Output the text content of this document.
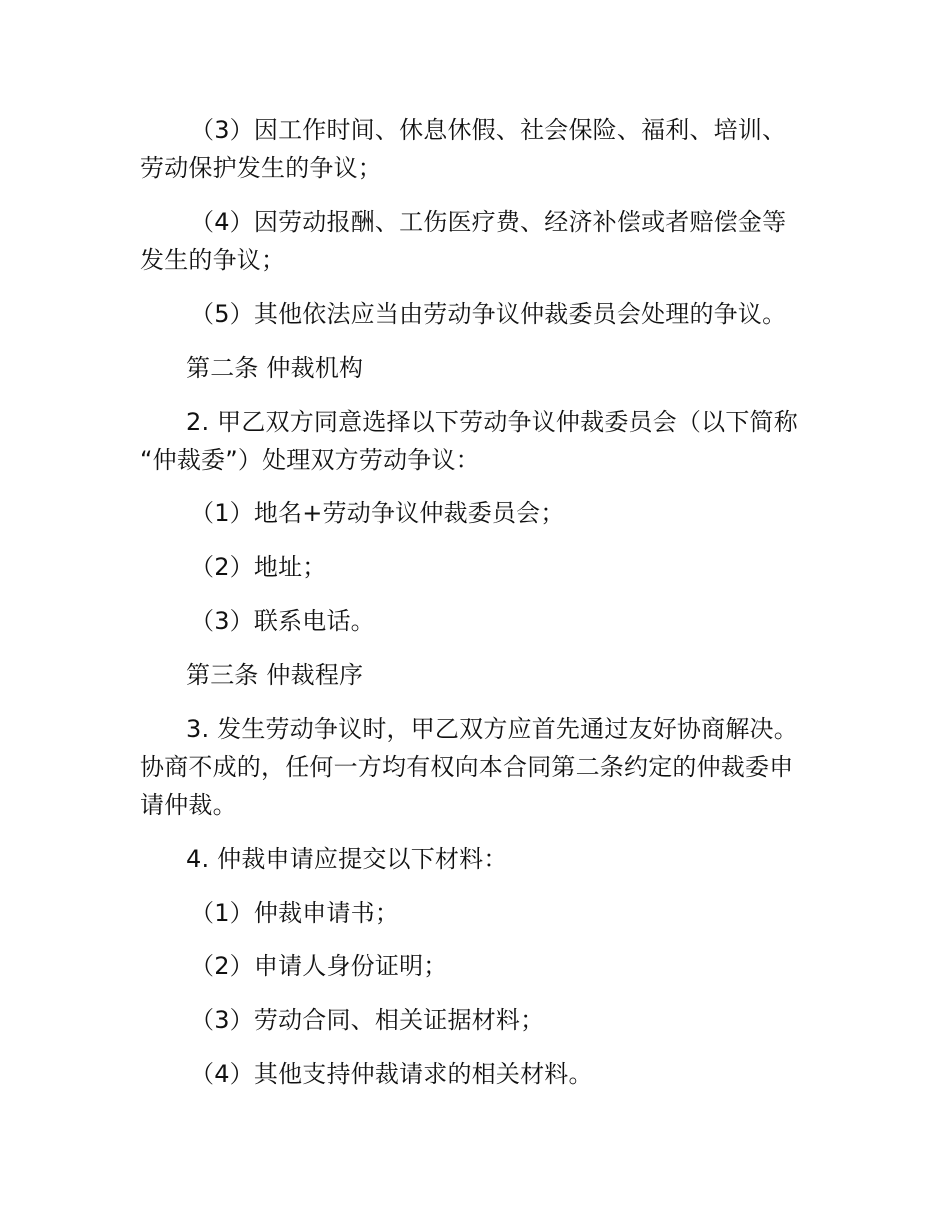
（3）因工作时间、休息休假、社会保险、福利、培训、
劳动保护发生的争议；
（4）因劳动报酬、工伤医疗费、经济补偿或者赔偿金等
发生的争议；
（5）其他依法应当由劳动争议仲裁委员会处理的争议。
第二条 仲裁机构
2. 甲乙双方同意选择以下劳动争议仲裁委员会（以下简称
“仲裁委”）处理双方劳动争议：
（1）地名+劳动争议仲裁委员会；
（2）地址；
（3）联系电话。
第三条 仲裁程序
3. 发生劳动争议时，甲乙双方应首先通过友好协商解决。
协商不成的，任何一方均有权向本合同第二条约定的仲裁委申
请仲裁。
4. 仲裁申请应提交以下材料：
（1）仲裁申请书；
（2）申请人身份证明；
（3）劳动合同、相关证据材料；
（4）其他支持仲裁请求的相关材料。
